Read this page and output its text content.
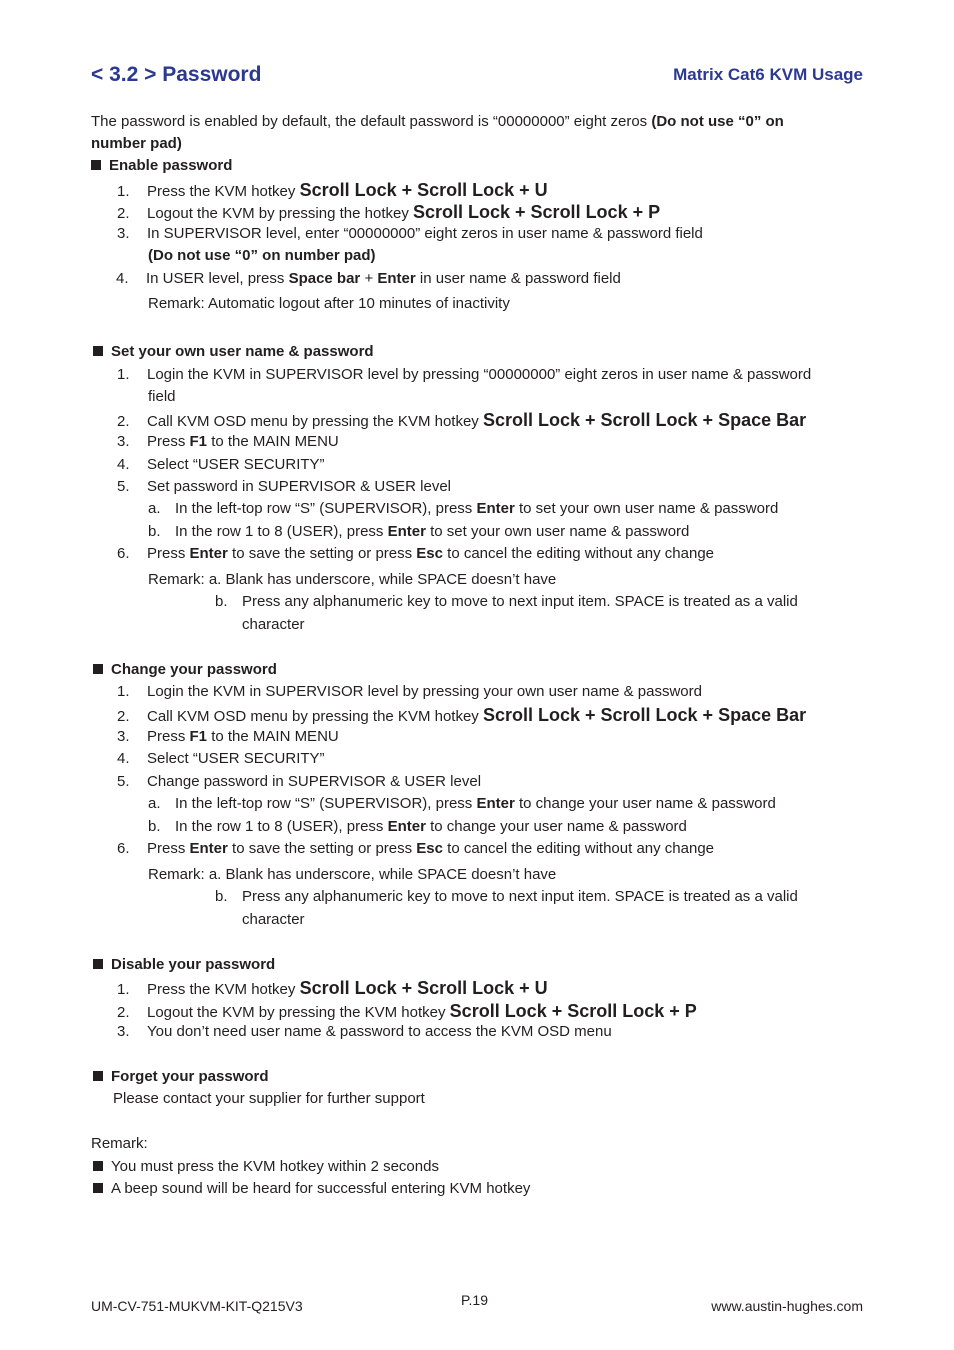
< 3.2 > Password	Matrix Cat6 KVM Usage
The password is enabled by default, the default password is “00000000” eight zeros (Do not use “0” on
number pad)
Enable password
1. Press the KVM hotkey Scroll Lock + Scroll Lock + U
2. Logout the KVM by pressing the hotkey Scroll Lock + Scroll Lock + P
3. In SUPERVISOR level, enter “00000000” eight zeros in user name & password field
(Do not use “0” on number pad)
4. In USER level, press Space bar + Enter in user name & password field
Remark: Automatic logout after 10 minutes of inactivity
Set your own user name & password
1. Login the KVM in SUPERVISOR level by pressing “00000000” eight zeros in user name & password
field
2. Call KVM OSD menu by pressing the KVM hotkey Scroll Lock + Scroll Lock + Space Bar
3. Press F1 to the MAIN MENU
4. Select “USER SECURITY”
5. Set password in SUPERVISOR & USER level
a. In the left-top row “S” (SUPERVISOR), press Enter to set your own user name & password
b. In the row 1 to 8 (USER), press Enter to set your own user name & password
6. Press Enter to save the setting or press Esc to cancel the editing without any change
Remark: a. Blank has underscore, while SPACE doesn’t have
b. Press any alphanumeric key to move to next input item. SPACE is treated as a valid
character
Change your password
1. Login the KVM in SUPERVISOR level by pressing your own user name & password
2. Call KVM OSD menu by pressing the KVM hotkey Scroll Lock + Scroll Lock + Space Bar
3. Press F1 to the MAIN MENU
4. Select “USER SECURITY”
5. Change password in SUPERVISOR & USER level
a. In the left-top row “S” (SUPERVISOR), press Enter to change your user name & password
b. In the row 1 to 8 (USER), press Enter to change your user name & password
6. Press Enter to save the setting or press Esc to cancel the editing without any change
Remark: a. Blank has underscore, while SPACE doesn’t have
b. Press any alphanumeric key to move to next input item. SPACE is treated as a valid
character
Disable your password
1. Press the KVM hotkey Scroll Lock + Scroll Lock + U
2. Logout the KVM by pressing the KVM hotkey Scroll Lock + Scroll Lock + P
3. You don’t need user name & password to access the KVM OSD menu
Forget your password
Please contact your supplier for further support
Remark:
You must press the KVM hotkey within 2 seconds
A beep sound will be heard for successful entering KVM hotkey
UM-CV-751-MUKVM-KIT-Q215V3	P.19	www.austin-hughes.com
